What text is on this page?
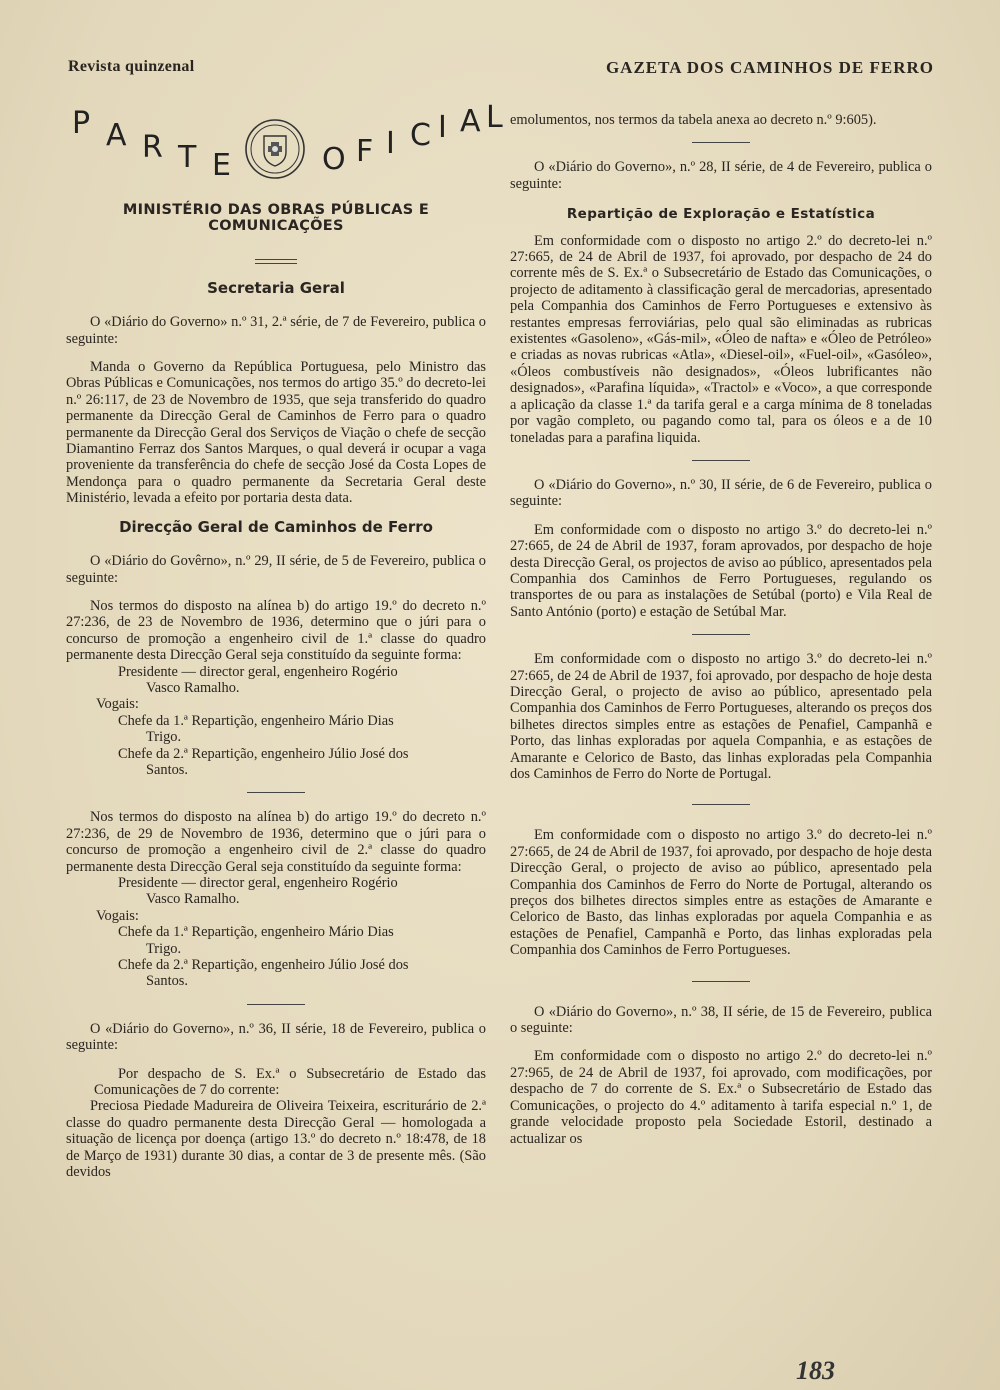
Revista quinzenal	GAZETA DOS CAMINHOS DE FERRO
P A R T E	O F I C I A L
MINISTÉRIO DAS OBRAS PÚBLICAS E COMUNICAÇÕES
Secretaria Geral

O «Diário do Governo» n.º 31, 2.ª série, de 7 de Fevereiro, publica o seguinte:

Manda o Governo da República Portuguesa, pelo Ministro das Obras Públicas e Comunicações, nos termos do artigo 35.º do decreto-lei n.º 26:117, de 23 de Novembro de 1935, que seja transferido do quadro permanente da Direcção Geral de Caminhos de Ferro para o quadro permanente da Direcção Geral dos Serviços de Viação o chefe de secção Diamantino Ferraz dos Santos Marques, o qual deverá ir ocupar a vaga proveniente da transferência do chefe de secção José da Costa Lopes de Mendonça para o quadro permanente da Secretaria Geral deste Ministério, levada a efeito por portaria desta data.

Direcção Geral de Caminhos de Ferro

O «Diário do Govêrno», n.º 29, II série, de 5 de Fevereiro, publica o seguinte:

Nos termos do disposto na alínea b) do artigo 19.º do decreto n.º 27:236, de 23 de Novembro de 1936, determino que o júri para o concurso de promoção a engenheiro civil de 1.ª classe do quadro permanente desta Direcção Geral seja constituído da seguinte forma:

Presidente — director geral, engenheiro Rogério

Vasco Ramalho.

Vogais:

Chefe da 1.ª Repartição, engenheiro Mário Dias

Trigo.

Chefe da 2.ª Repartição, engenheiro Júlio José dos

Santos.

Nos termos do disposto na alínea b) do artigo 19.º do decreto n.º 27:236, de 29 de Novembro de 1936, determino que o júri para o concurso de promoção a engenheiro civil de 2.ª classe do quadro permanente desta Direcção Geral seja constituído da seguinte forma:

Presidente — director geral, engenheiro Rogério

Vasco Ramalho.

Vogais:

Chefe da 1.ª Repartição, engenheiro Mário Dias

Trigo.

Chefe da 2.ª Repartição, engenheiro Júlio José dos

Santos.

O «Diário do Governo», n.º 36, II série, 18 de Fevereiro, publica o seguinte:

Por despacho de S. Ex.ª o Subsecretário de Estado das Comunicações de 7 do corrente:

Preciosa Piedade Madureira de Oliveira Teixeira, escriturário de 2.ª classe do quadro permanente desta Direcção Geral — homologada a situação de licença por doença (artigo 13.º do decreto n.º 18:478, de 18 de Março de 1931) durante 30 dias, a contar de 3 de presente mês. (São devidos

emolumentos, nos termos da tabela anexa ao decreto n.º 9:605).

O «Diário do Governo», n.º 28, II série, de 4 de Fevereiro, publica o seguinte:

Repartição de Exploração e Estatística

Em conformidade com o disposto no artigo 2.º do decreto-lei n.º 27:665, de 24 de Abril de 1937, foi aprovado, por despacho de 24 do corrente mês de S. Ex.ª o Subsecretário de Estado das Comunicações, o projecto de aditamento à classificação geral de mercadorias, apresentado pela Companhia dos Caminhos de Ferro Portugueses e extensivo às restantes empresas ferroviárias, pelo qual são eliminadas as rubricas existentes «Gasoleno», «Gás-mil», «Óleo de nafta» e «Óleo de Petróleo» e criadas as novas rubricas «Atla», «Diesel-oil», «Fuel-oil», «Gasóleo», «Óleos combustíveis não designados», «Óleos lubrificantes não designados», «Parafina líquida», «Tractol» e «Voco», a que corresponde a aplicação da classe 1.ª da tarifa geral e a carga mínima de 8 toneladas por vagão completo, ou pagando como tal, para os óleos e a de 10 toneladas para a parafina liquida.

O «Diário do Governo», n.º 30, II série, de 6 de Fevereiro, publica o seguinte:

Em conformidade com o disposto no artigo 3.º do decreto-lei n.º 27:665, de 24 de Abril de 1937, foram aprovados, por despacho de hoje desta Direcção Geral, os projectos de aviso ao público, apresentados pela Companhia dos Caminhos de Ferro Portugueses, regulando os transportes de ou para as instalações de Setúbal (porto) e Vila Real de Santo António (porto) e estação de Setúbal Mar.

Em conformidade com o disposto no artigo 3.º do decreto-lei n.º 27:665, de 24 de Abril de 1937, foi aprovado, por despacho de hoje desta Direcção Geral, o projecto de aviso ao público, apresentado pela Companhia dos Caminhos de Ferro Portugueses, alterando os preços dos bilhetes directos simples entre as estações de Penafiel, Campanhã e Porto, das linhas exploradas por aquela Companhia, e as estações de Amarante e Celorico de Basto, das linhas exploradas pela Companhia dos Caminhos de Ferro do Norte de Portugal.

Em conformidade com o disposto no artigo 3.º do decreto-lei n.º 27:665, de 24 de Abril de 1937, foi aprovado, por despacho de hoje desta Direcção Geral, o projecto de aviso ao público, apresentado pela Companhia dos Caminhos de Ferro do Norte de Portugal, alterando os preços dos bilhetes directos simples entre as estações de Amarante e Celorico de Basto, das linhas exploradas por aquela Companhia e as estações de Penafiel, Campanhã e Porto, das linhas exploradas pela Companhia dos Caminhos de Ferro Portugueses.

O «Diário do Governo», n.º 38, II série, de 15 de Fevereiro, publica o seguinte:

Em conformidade com o disposto no artigo 2.º do decreto-lei n.º 27:965, de 24 de Abril de 1937, foi aprovado, com modificações, por despacho de 7 do corrente de S. Ex.ª o Subsecretário de Estado das Comunicações, o projecto do 4.º aditamento à tarifa especial n.º 1, de grande velocidade proposto pela Sociedade Estoril, destinado a actualizar os

183
